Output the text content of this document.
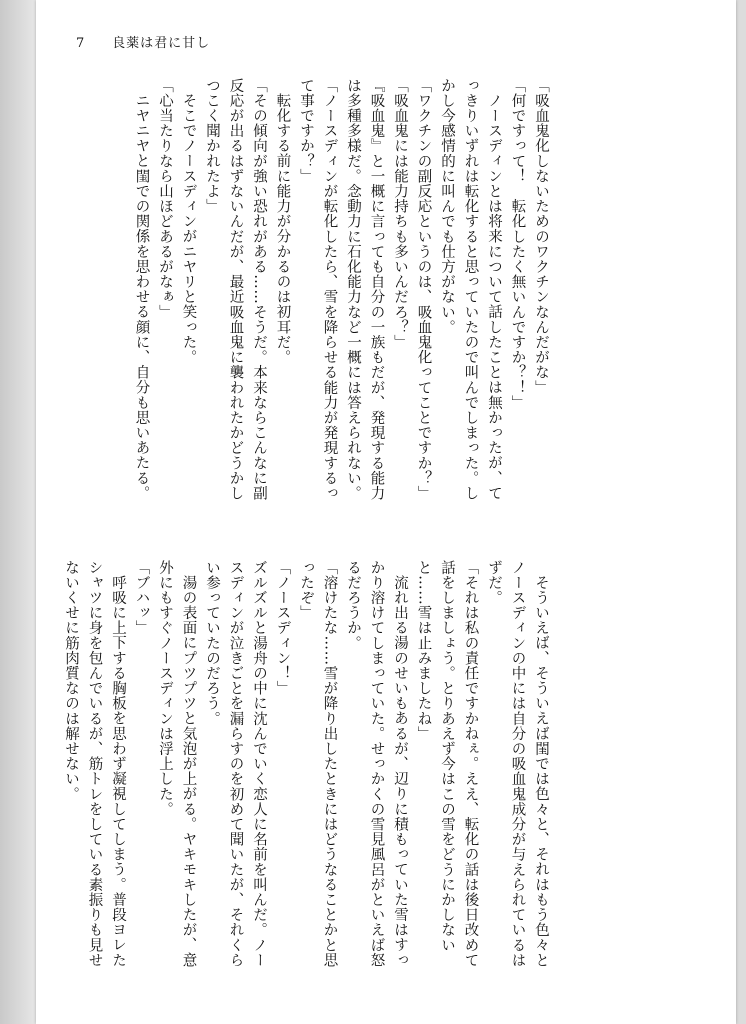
7 良薬は君に甘し

「吸血鬼化しないためのワクチンなんだがな」

「何ですって！　転化したく無いんですか？！」

ノースディンとは将来について話したことは無かったが、てっきりいずれは転化すると思っていたので叫んでしまった。しかし今感情的に叫んでも仕方がない。

「ワクチンの副反応というのは、吸血鬼化ってことですか？」

「吸血鬼には能力持ちも多いんだろ？」

『吸血鬼』と一概に言っても自分の一族もだが、発現する能力は多種多様だ。念動力に石化能力など一概には答えられない。

「ノースディンが転化したら、雪を降らせる能力が発現するって事ですか？」

転化する前に能力が分かるのは初耳だ。

「その傾向が強い恐れがある……そうだ。本来ならこんなに副反応が出るはずないんだが、最近吸血鬼に襲われたかどうかしつこく聞かれたよ」

そこでノースディンがニヤリと笑った。

「心当たりなら山ほどあるがなぁ」

ニヤニヤと閨での関係を思わせる顔に、自分も思いあたる。

そういえば、そういえば閨では色々と、それはもう色々とノースディンの中には自分の吸血鬼成分が与えられているはずだ。

「それは私の責任ですかねぇ。ええ、転化の話は後日改めて話をしましょう。とりあえず今はこの雪をどうにかしないと……雪は止みましたね」

流れ出る湯のせいもあるが、辺りに積もっていた雪はすっかり溶けてしまっていた。せっかくの雪見風呂がといえば怒るだろうか。

「溶けたな……雪が降り出したときにはどうなることかと思ったぞ」

「ノースディン！」

ズルズルと湯舟の中に沈んでいく恋人に名前を叫んだ。ノースディンが泣きごとを漏らすのを初めて聞いたが、それくらい参っていたのだろう。

湯の表面にプツプツと気泡が上がる。ヤキモキしたが、意外にもすぐノースディンは浮上した。

「ブハッ」

呼吸に上下する胸板を思わず凝視してしまう。普段ヨレたシャツに身を包んでいるが、筋トレをしている素振りも見せないくせに筋肉質なのは解せない。
